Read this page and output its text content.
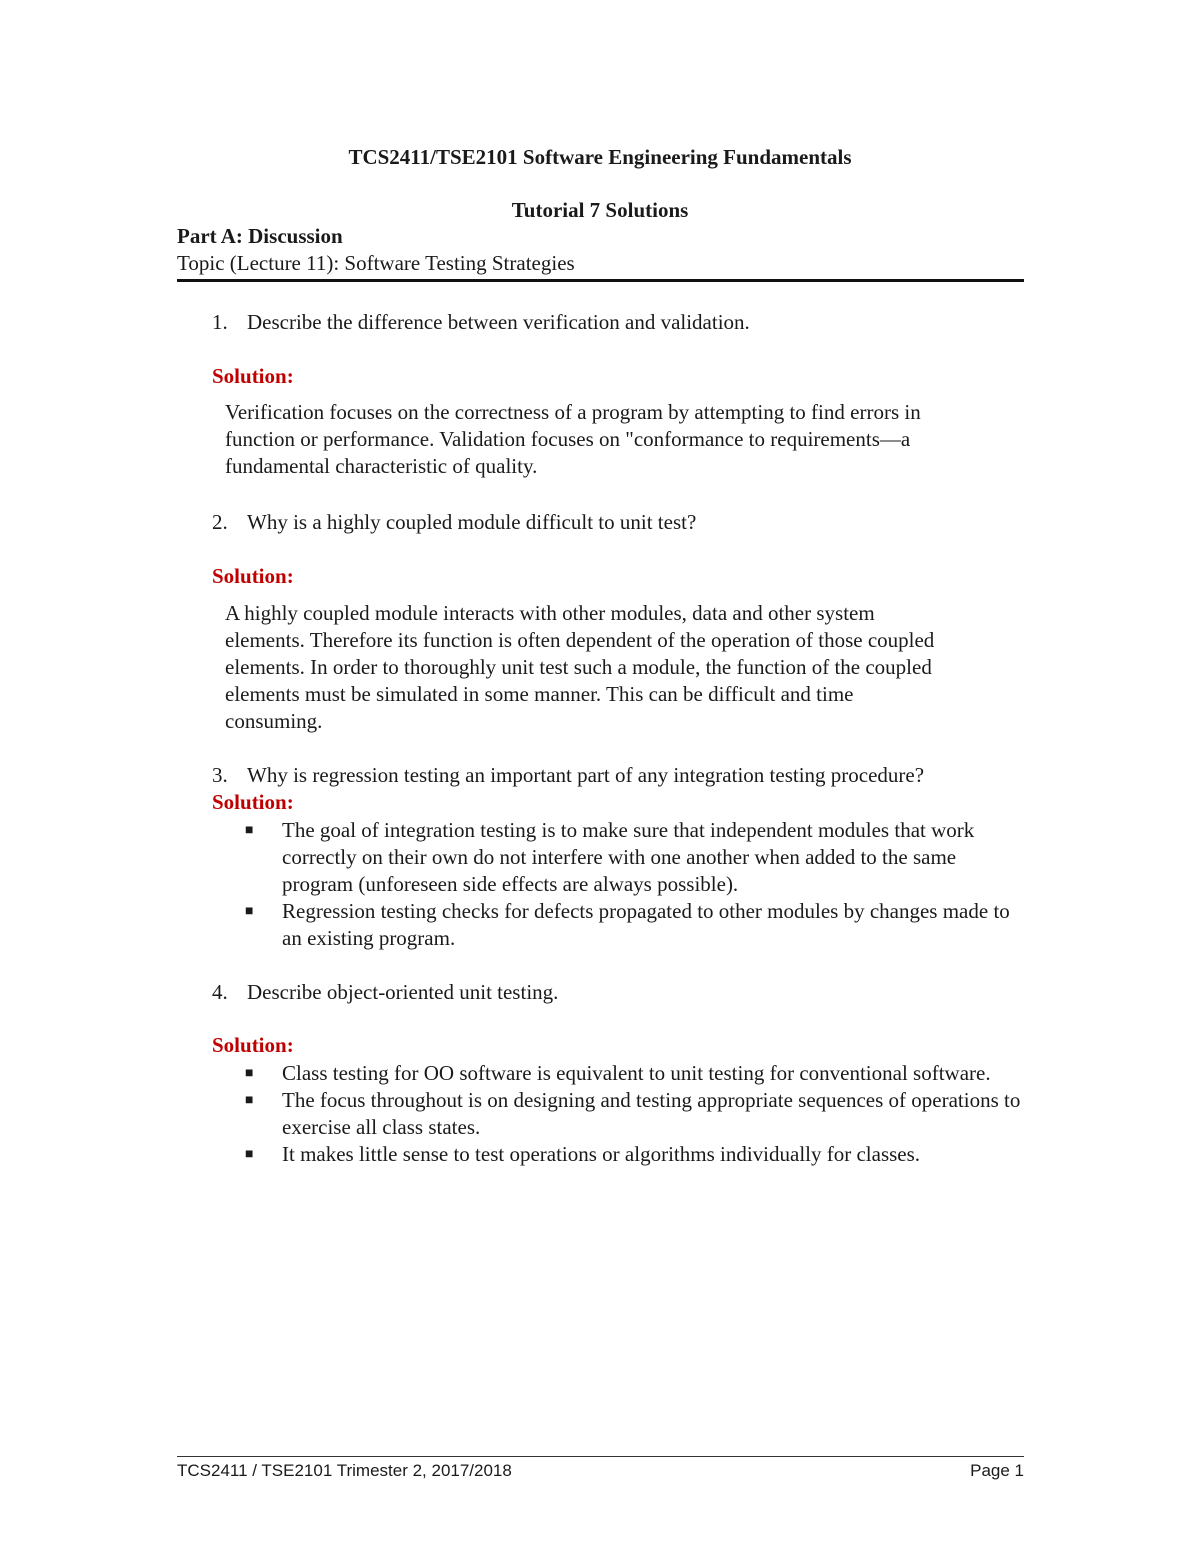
TCS2411/TSE2101 Software Engineering Fundamentals
Tutorial 7 Solutions
Part A: Discussion
Topic (Lecture 11): Software Testing Strategies
1. Describe the difference between verification and validation.
Solution:
Verification focuses on the correctness of a program by attempting to find errors in
function or performance. Validation focuses on "conformance to requirements—a
fundamental characteristic of quality.
2. Why is a highly coupled module difficult to unit test?
Solution:
A highly coupled module interacts with other modules, data and other system
elements. Therefore its function is often dependent of the operation of those coupled
elements. In order to thoroughly unit test such a module, the function of the coupled
elements must be simulated in some manner. This can be difficult and time
consuming.
3. Why is regression testing an important part of any integration testing procedure?
Solution:
■ The goal of integration testing is to make sure that independent modules that work correctly on their own do not interfere with one another when added to the same program (unforeseen side effects are always possible).
■ Regression testing checks for defects propagated to other modules by changes made to an existing program.
4. Describe object-oriented unit testing.
Solution:
■ Class testing for OO software is equivalent to unit testing for conventional software.
■ The focus throughout is on designing and testing appropriate sequences of operations to exercise all class states.
■ It makes little sense to test operations or algorithms individually for classes.
TCS2411 / TSE2101 Trimester 2, 2017/2018	Page 1
